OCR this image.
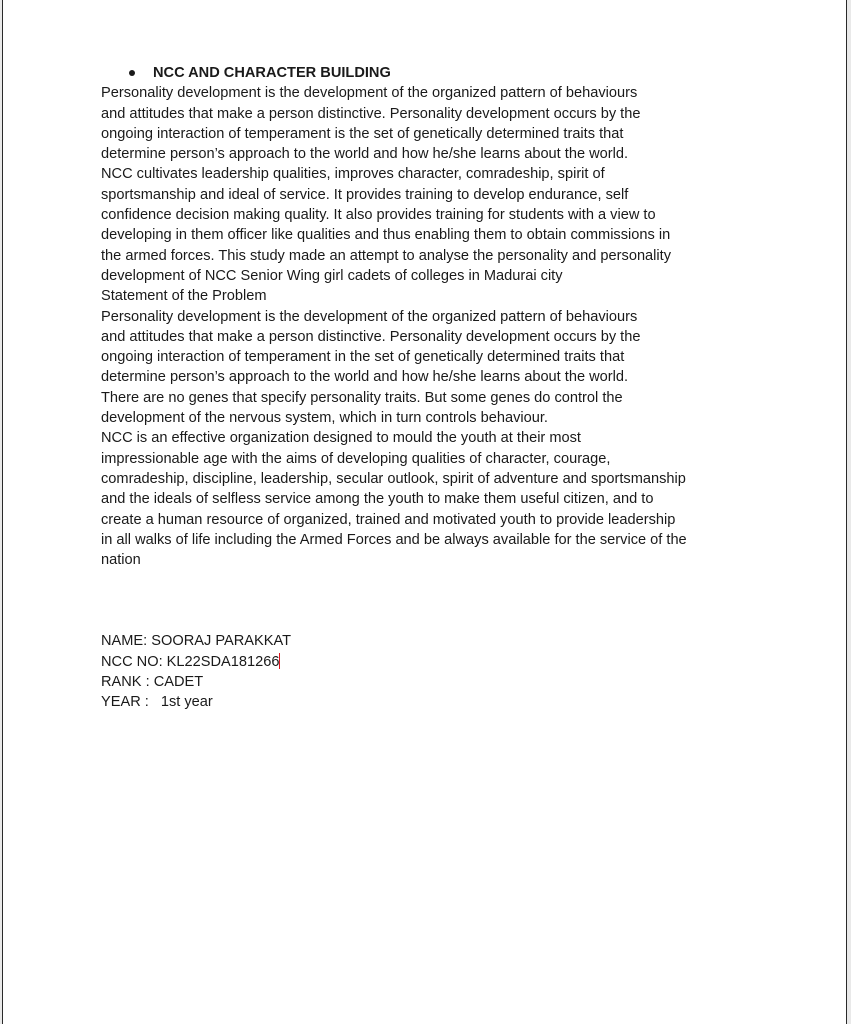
NCC AND CHARACTER BUILDING
Personality development is the development of the organized pattern of behaviours
and attitudes that make a person distinctive. Personality development occurs by the
ongoing interaction of temperament is the set of genetically determined traits that
determine person’s approach to the world and how he/she learns about the world.
NCC cultivates leadership qualities, improves character, comradeship, spirit of
sportsmanship and ideal of service. It provides training to develop endurance, self
confidence decision making quality. It also provides training for students with a view to
developing in them officer like qualities and thus enabling them to obtain commissions in
the armed forces. This study made an attempt to analyse the personality and personality
development of NCC Senior Wing girl cadets of colleges in Madurai city
Statement of the Problem
Personality development is the development of the organized pattern of behaviours
and attitudes that make a person distinctive. Personality development occurs by the
ongoing interaction of temperament in the set of genetically determined traits that
determine person’s approach to the world and how he/she learns about the world.
There are no genes that specify personality traits. But some genes do control the
development of the nervous system, which in turn controls behaviour.
NCC is an effective organization designed to mould the youth at their most
impressionable age with the aims of developing qualities of character, courage,
comradeship, discipline, leadership, secular outlook, spirit of adventure and sportsmanship
and the ideals of selfless service among the youth to make them useful citizen, and to
create a human resource of organized, trained and motivated youth to provide leadership
in all walks of life including the Armed Forces and be always available for the service of the
nation
NAME: SOORAJ PARAKKAT
NCC NO: KL22SDA181266
RANK : CADET
YEAR : 1st year
